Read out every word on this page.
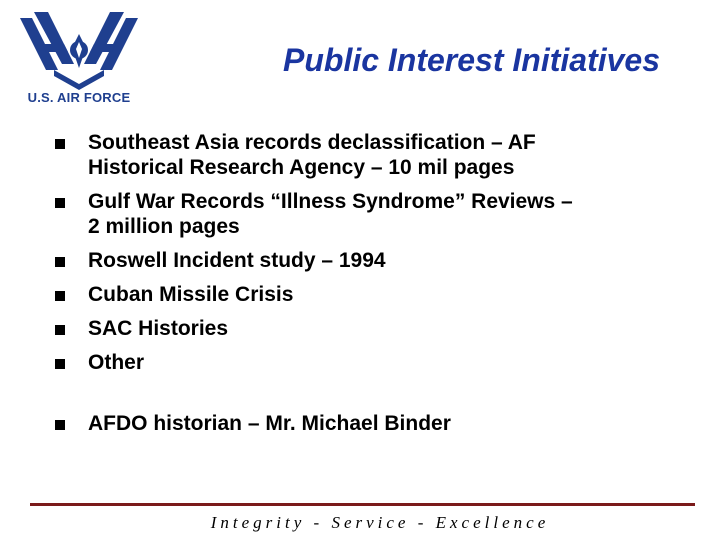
U.S. AIR FORCE
Public Interest Initiatives
Southeast Asia records declassification – AF
Historical Research Agency – 10 mil pages
Gulf War Records “Illness Syndrome” Reviews –
2 million pages
Roswell Incident study – 1994
Cuban Missile Crisis
SAC Histories
Other
AFDO historian – Mr. Michael Binder
Integrity - Service - Excellence
